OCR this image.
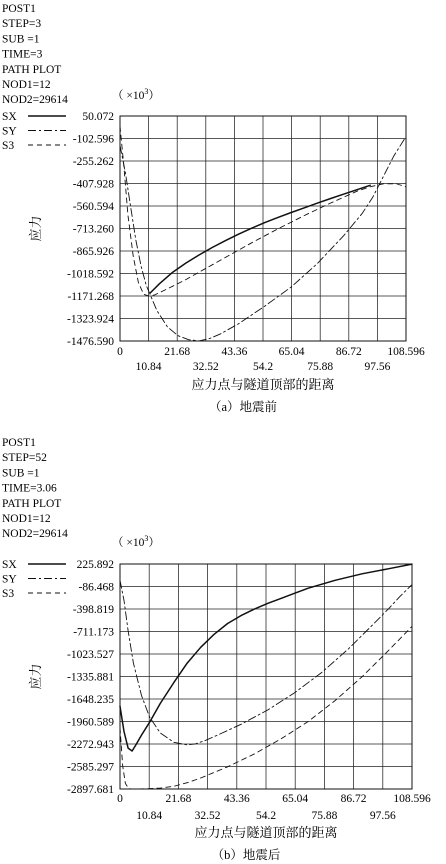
POST1
STEP=3
SUB =1
TIME=3
PATH PLOT
NOD1=12
NOD2=29614	（ $\times 10^3$）
50.072
-102.596
-255.262
-407.928
-560.594
-713.260
-865.926
-1018.592
-1171.268
-1323.924
-1476.590
0
10.84	32.52	54.2	75.88	97.56
21.68	43.36	65.04	86.72 108.596
应力
应力点与隧道顶部的距离
（a）地震前
SX
SY
S3
POST1
STEP=52
SUB =1
TIME=3.06
PATH PLOT
NOD1=12
NOD2=29614
（ $\times 10^3$）
225.892
-86.468
-398.819
-711.173
-1023.527
-1335.881
-1648.235
-1960.589
-2272.943
-2585.297
-2897.681
0
10.84	32.52	54.2	75.88	97.56
21.68	43.36	65.04	86.72 108.596
应力
应力点与隧道顶部的距离
（b）地震后
SX
SY
S3
